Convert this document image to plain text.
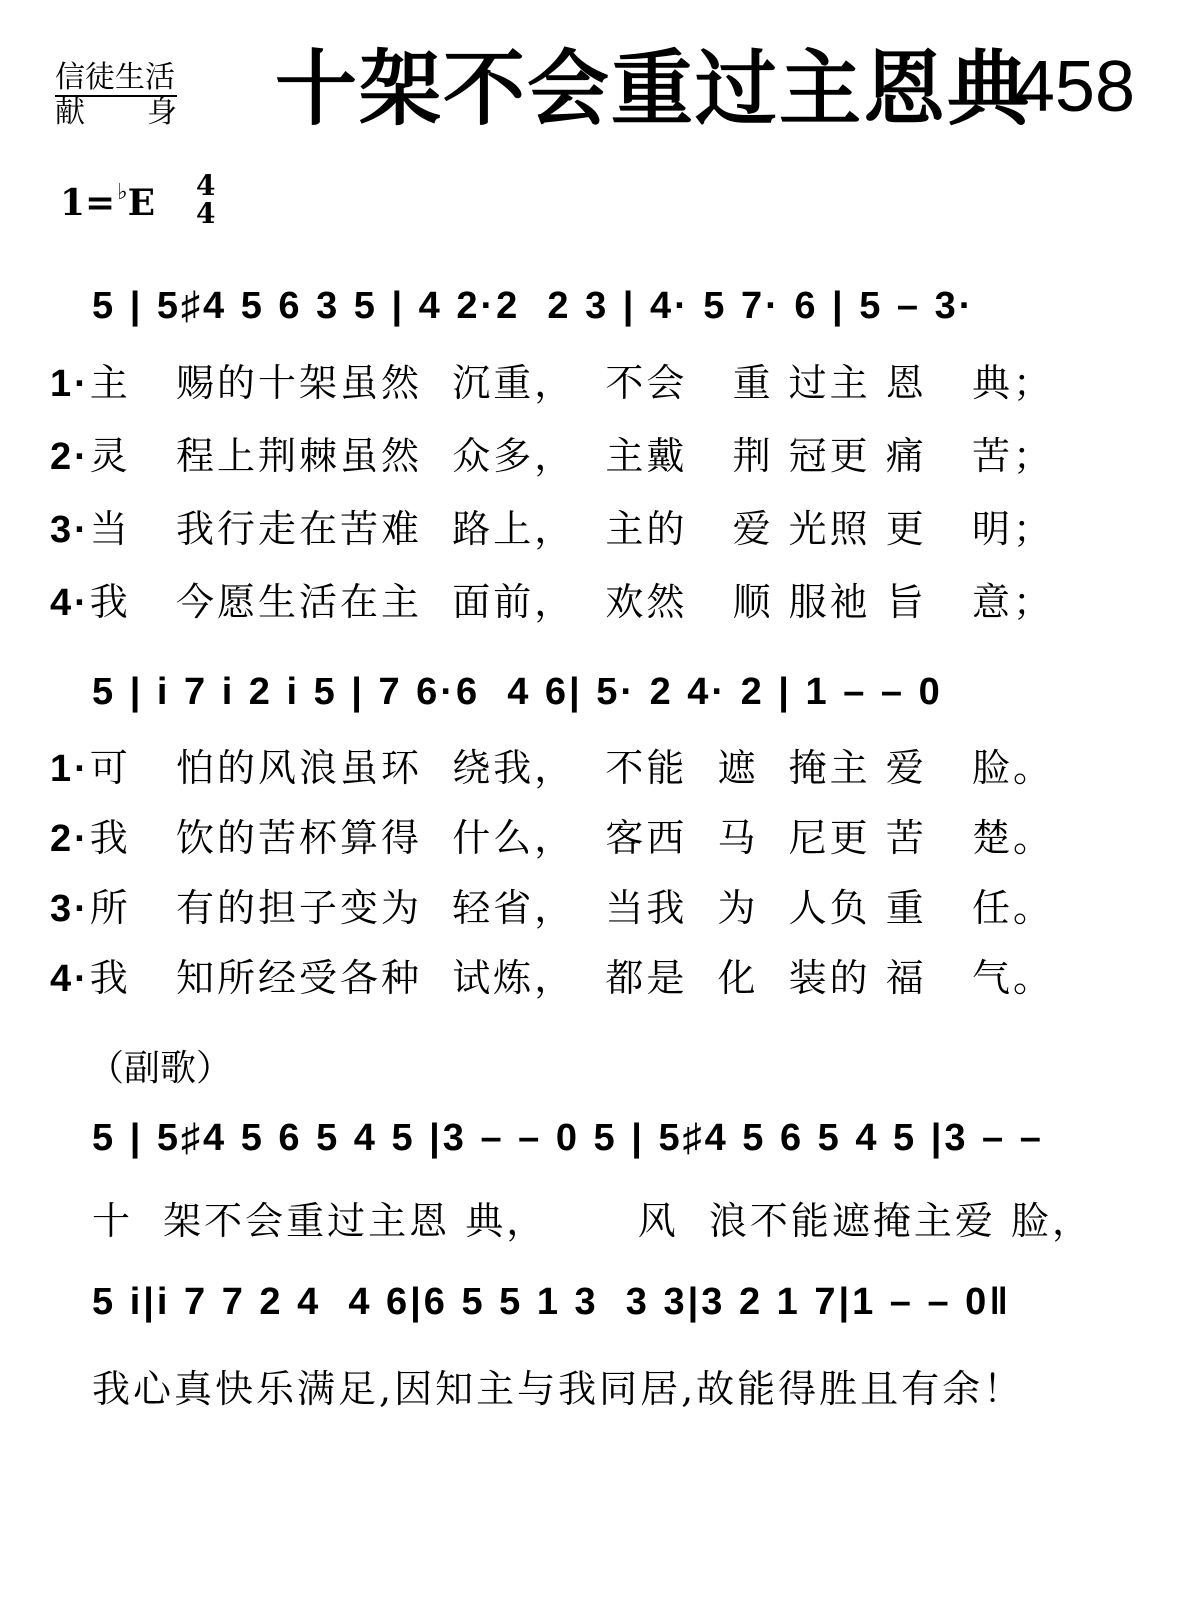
信徒生活
献 身 十架不会重过主恩典
458
1=♭E 4
4
5 | 5♯4 5 6 3 5 | 4 2·2  2 3 | 4· 5 7· 6 | 5 – 3·
1·主   赐的十架虽然  沉重，  不会   重 过主 恩   典；
2·灵   程上荆棘虽然  众多，  主戴   荆 冠更 痛   苦；
3·当   我行走在苦难  路上，  主的   爱 光照 更   明；
4·我   今愿生活在主  面前，  欢然   顺 服祂 旨   意；
5 | i 7 i 2 i 5 | 7 6·6  4 6| 5· 2 4· 2 | 1 – – 0
1·可   怕的风浪虽环  绕我，  不能  遮  掩主 爱   脸。
2·我   饮的苦杯算得  什么，  客西  马  尼更 苦   楚。
3·所   有的担子变为  轻省，  当我  为  人负 重   任。
4·我   知所经受各种  试炼，  都是  化  装的 福   气。
（副歌）
5 | 5♯4 5 6 5 4 5 |3 – – 0 5 | 5♯4 5 6 5 4 5 |3 – –
十  架不会重过主恩 典，      风  浪不能遮掩主爱 脸，
5 i|i 7 7 2 4  4 6|6 5 5 1 3  3 3|3 2 1 7|1 – – 0‖
我心真快乐满足,因知主与我同居,故能得胜且有余！
